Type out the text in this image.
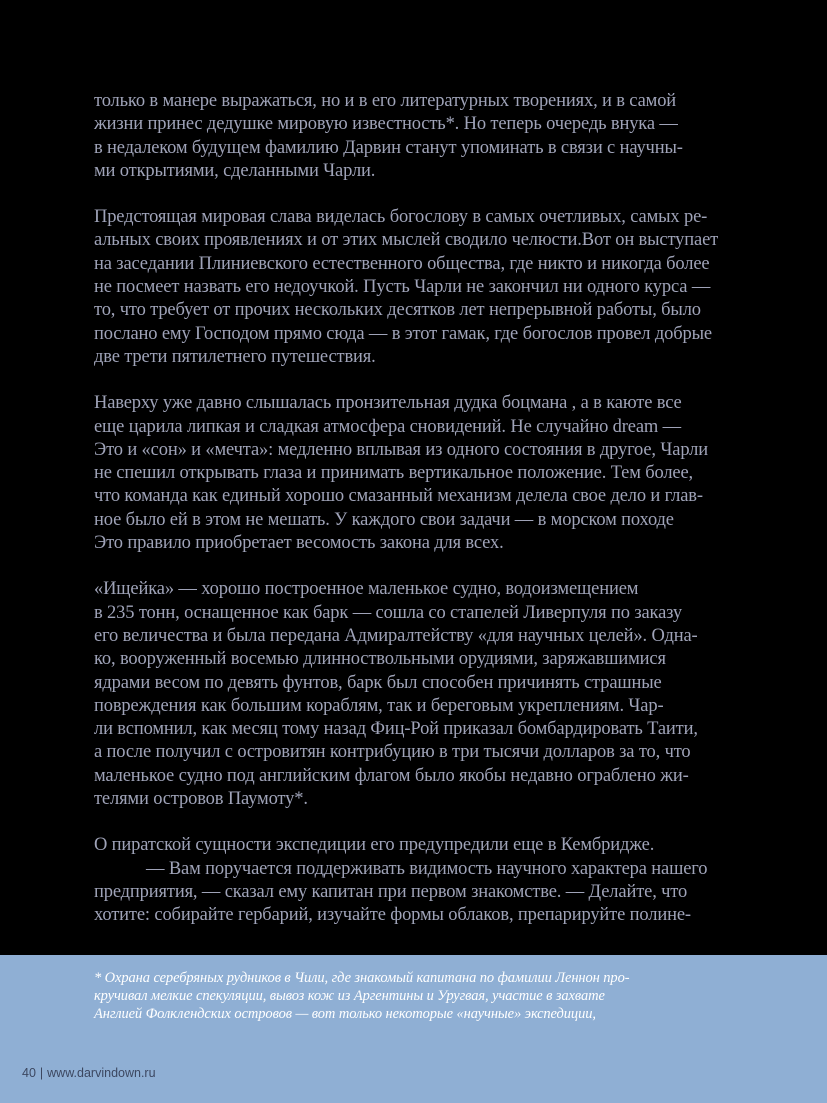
только в манере выражаться, но и в его литературных творениях, и в самой
жизни принес дедушке мировую известность*. Но теперь очередь внука —
в недалеком будущем фамилию Дарвин станут упоминать в связи с научны-
ми открытиями, сделанными Чарли.

Предстоящая мировая слава виделась богослову в самых очетливых, самых ре-
альных своих проявлениях и от этих мыслей сводило челюсти.Вот он выступает
на заседании Плиниевского естественного общества, где никто и никогда более
не посмеет назвать его недоучкой. Пусть Чарли не закончил ни одного курса —
то, что требует от прочих нескольких десятков лет непрерывной работы, было
послано ему Господом прямо сюда — в этот гамак, где богослов провел добрые
две трети пятилетнего путешествия.

Наверху уже давно слышалась пронзительная дудка боцмана , а в каюте все
еще царила липкая и сладкая атмосфера сновидений. Не случайно dream —
Это и «сон» и «мечта»: медленно вплывая из одного состояния в другое, Чарли
не спешил открывать глаза и принимать вертикальное положение. Тем более,
что команда как единый хорошо смазанный механизм делела свое дело и глав-
ное было ей в этом не мешать. У каждого свои задачи — в морском походе
Это правило приобретает весомость закона для всех.

«Ищейка» — хорошо построенное маленькое судно, водоизмещением
в 235 тонн, оснащенное как барк — сошла со стапелей Ливерпуля по заказу
его величества и была передана Адмиралтейству «для научных целей». Однa-
ко, вооруженный восемью длинноствольными орудиями, заряжавшимися
ядрами весом по девять фунтов, барк был способен причинять страшные
повреждения как большим кораблям, так и береговым укреплениям. Чар-
ли вспомнил, как месяц тому назад Фиц-Рой приказал бомбардировать Таити,
а после получил с островитян контрибуцию в три тысячи долларов за то, что
маленькое судно под английским флагом было якобы недавно ограблено жи-
телями островов Паумоту*.

О пиратской сущности экспедиции его предупредили еще в Кембридже.
— Вам поручается поддерживать видимость научного характера нашего
предприятия, — сказал ему капитан при первом знакомстве. — Делайте, что
хотите: собирайте гербарий, изучайте формы облаков, препарируйте полине-

* Охрана серебряных рудников в Чили, где знакомый капитана по фамилии Леннон про-
кручивал мелкие спекуляции, вывоз кож из Аргентины и Уругвая, участие в захвате
Англией Фолклендских островов — вот только некоторые «научные» экспедиции,
40 | www.darvindown.ru
